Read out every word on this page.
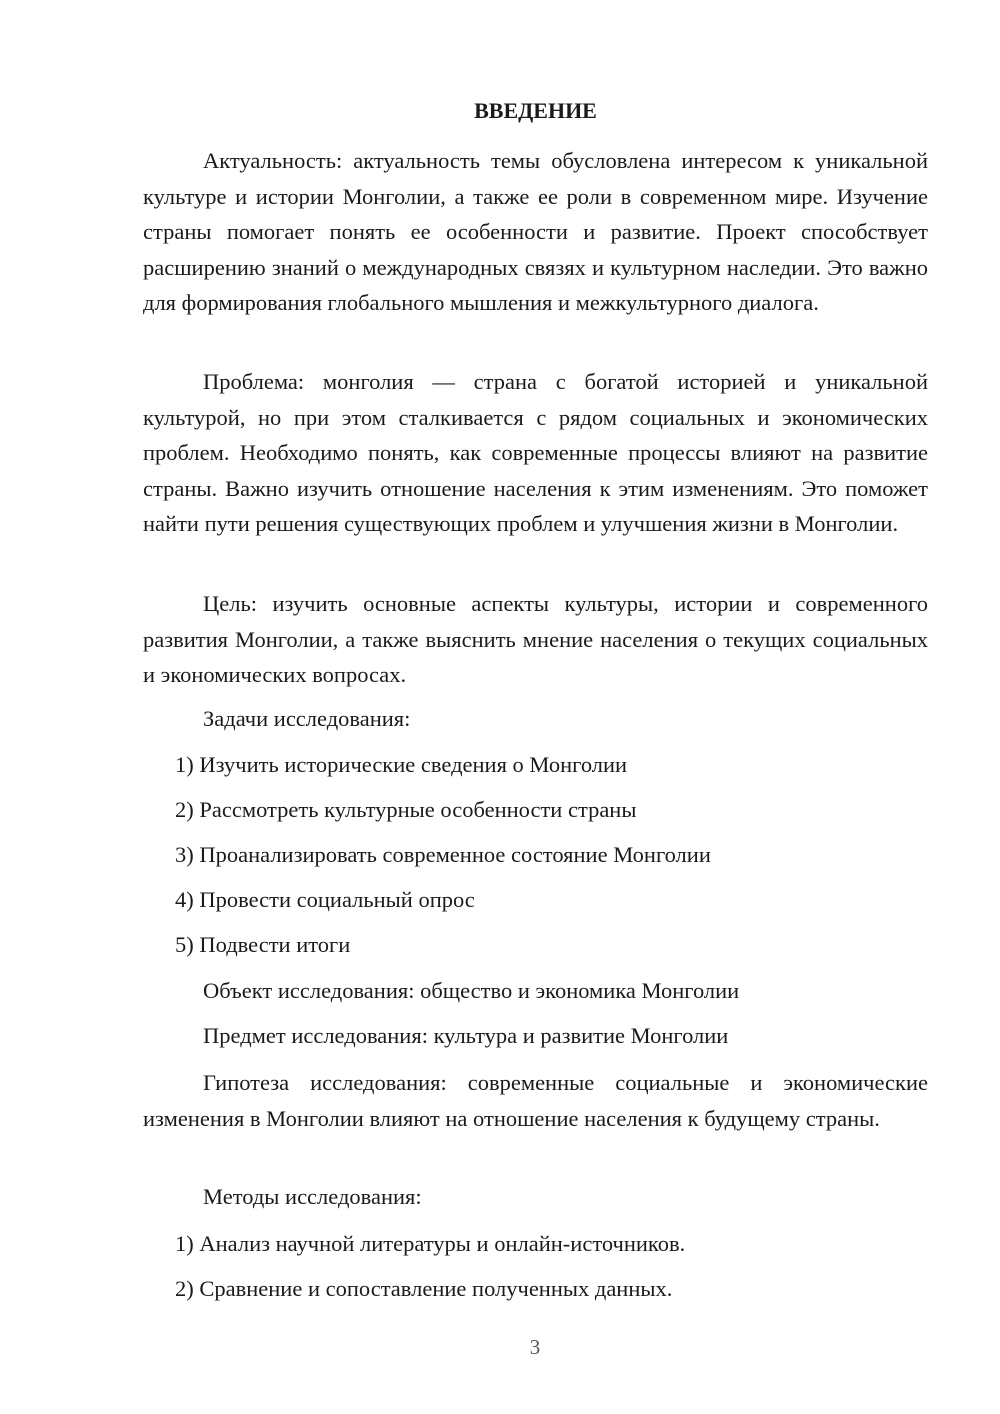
ВВЕДЕНИЕ

Актуальность: актуальность темы обусловлена интересом к уникальной культуре и истории Монголии, а также ее роли в современном мире. Изучение страны помогает понять ее особенности и развитие. Проект способствует расширению знаний о международных связях и культурном наследии. Это важно для формирования глобального мышления и межкультурного диалога.

Проблема: монголия — страна с богатой историей и уникальной культурой, но при этом сталкивается с рядом социальных и экономических проблем. Необходимо понять, как современные процессы влияют на развитие страны. Важно изучить отношение населения к этим изменениям. Это поможет найти пути решения существующих проблем и улучшения жизни в Монголии.

Цель: изучить основные аспекты культуры, истории и современного развития Монголии, а также выяснить мнение населения о текущих социальных и экономических вопросах.

Задачи исследования:

1) Изучить исторические сведения о Монголии

2) Рассмотреть культурные особенности страны

3) Проанализировать современное состояние Монголии

4) Провести социальный опрос

5) Подвести итоги

Объект исследования: общество и экономика Монголии

Предмет исследования: культура и развитие Монголии

Гипотеза исследования: современные социальные и экономические изменения в Монголии влияют на отношение населения к будущему страны.

Методы исследования:

1) Анализ научной литературы и онлайн-источников.

2) Сравнение и сопоставление полученных данных.

3
